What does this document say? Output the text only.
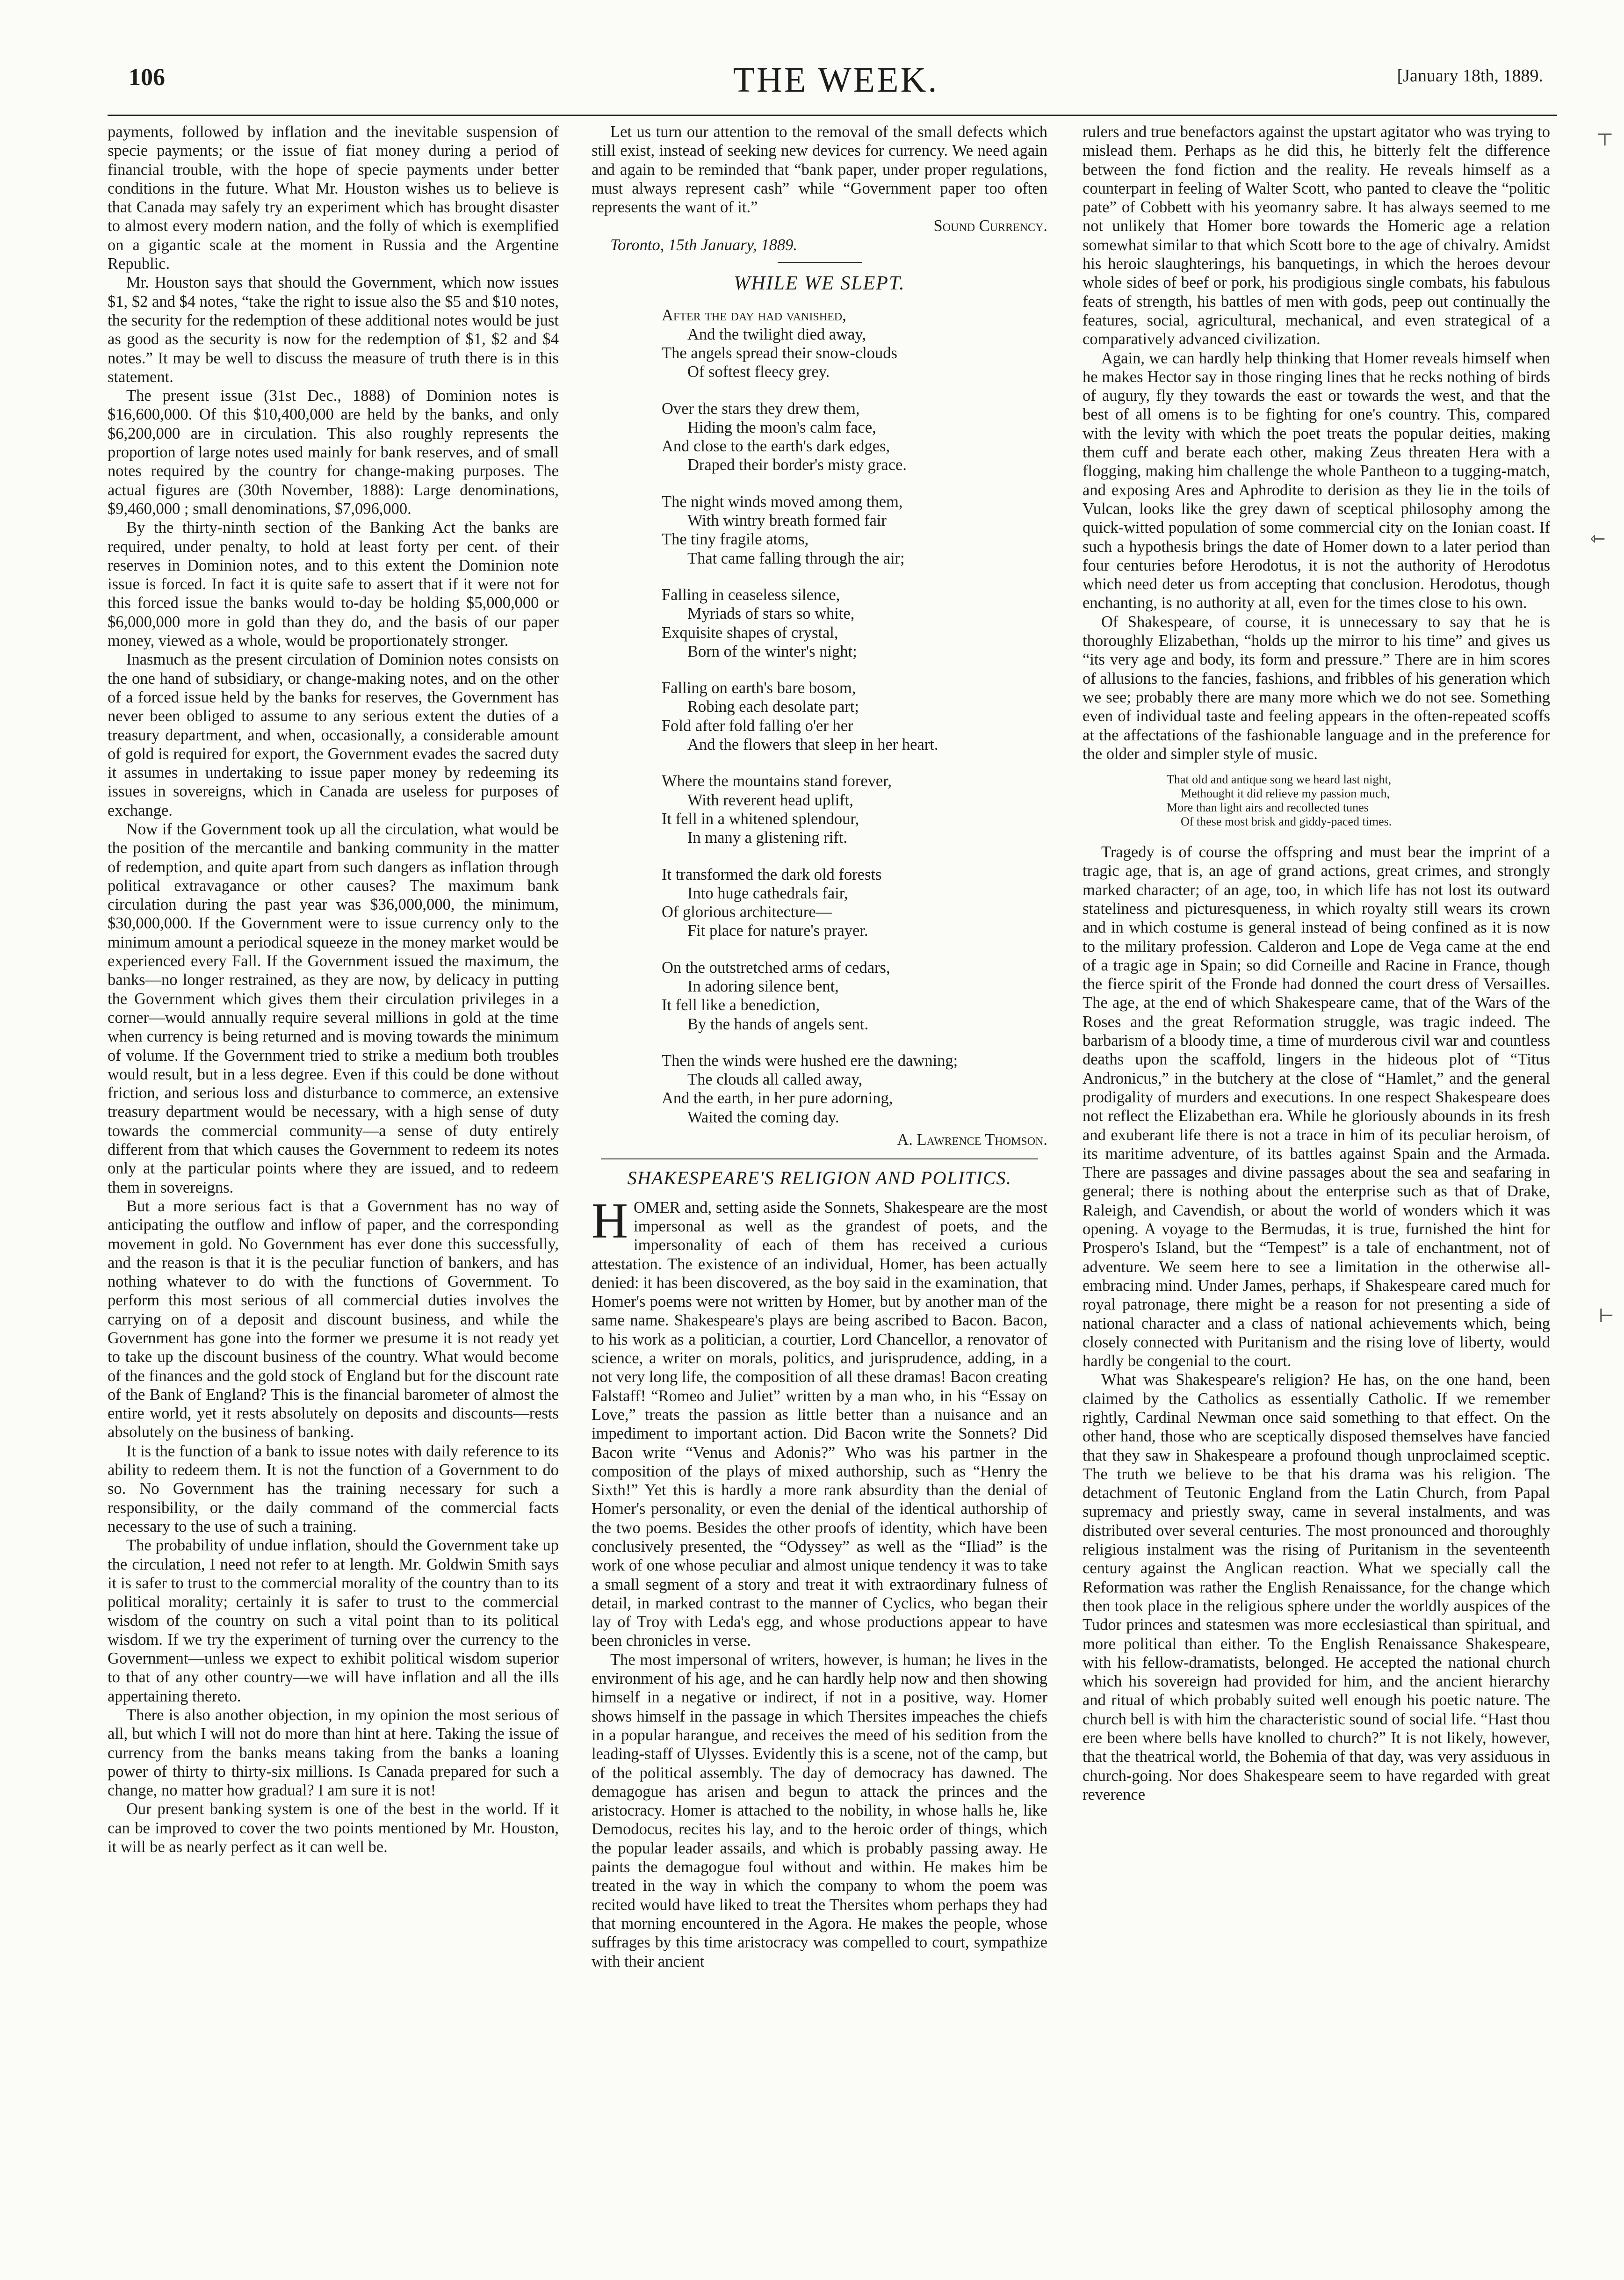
106	THE WEEK.	[January 18th, 1889.
┬
⇽
⊢

payments, followed by inflation and the inevitable suspension of specie payments; or the issue of fiat money during a period of financial trouble, with the hope of specie payments under better conditions in the future. What Mr. Houston wishes us to believe is that Canada may safely try an experiment which has brought disaster to almost every modern nation, and the folly of which is exemplified on a gigantic scale at the moment in Russia and the Argentine Republic.

Mr. Houston says that should the Government, which now issues $1, $2 and $4 notes, “take the right to issue also the $5 and $10 notes, the security for the redemption of these additional notes would be just as good as the security is now for the redemption of $1, $2 and $4 notes.” It may be well to discuss the measure of truth there is in this statement.

The present issue (31st Dec., 1888) of Dominion notes is $16,600,000. Of this $10,400,000 are held by the banks, and only $6,200,000 are in circulation. This also roughly represents the proportion of large notes used mainly for bank reserves, and of small notes required by the country for change-making purposes. The actual figures are (30th November, 1888): Large denominations, $9,460,000 ; small denominations, $7,096,000.

By the thirty-ninth section of the Banking Act the banks are required, under penalty, to hold at least forty per cent. of their reserves in Dominion notes, and to this extent the Dominion note issue is forced. In fact it is quite safe to assert that if it were not for this forced issue the banks would to-day be holding $5,000,000 or $6,000,000 more in gold than they do, and the basis of our paper money, viewed as a whole, would be proportionately stronger.

Inasmuch as the present circulation of Dominion notes consists on the one hand of subsidiary, or change-making notes, and on the other of a forced issue held by the banks for reserves, the Government has never been obliged to assume to any serious extent the duties of a treasury department, and when, occasionally, a considerable amount of gold is required for export, the Government evades the sacred duty it assumes in undertaking to issue paper money by redeeming its issues in sovereigns, which in Canada are useless for purposes of exchange.

Now if the Government took up all the circulation, what would be the position of the mercantile and banking community in the matter of redemption, and quite apart from such dangers as inflation through political extravagance or other causes? The maximum bank circulation during the past year was $36,000,000, the minimum, $30,000,000. If the Government were to issue currency only to the minimum amount a periodical squeeze in the money market would be experienced every Fall. If the Government issued the maximum, the banks—no longer restrained, as they are now, by delicacy in putting the Government which gives them their circulation privileges in a corner—would annually require several millions in gold at the time when currency is being returned and is moving towards the minimum of volume. If the Government tried to strike a medium both troubles would result, but in a less degree. Even if this could be done without friction, and serious loss and disturbance to commerce, an extensive treasury department would be necessary, with a high sense of duty towards the commercial community—a sense of duty entirely different from that which causes the Government to redeem its notes only at the particular points where they are issued, and to redeem them in sovereigns.

But a more serious fact is that a Government has no way of anticipating the outflow and inflow of paper, and the corresponding movement in gold. No Government has ever done this successfully, and the reason is that it is the peculiar function of bankers, and has nothing whatever to do with the functions of Government. To perform this most serious of all commercial duties involves the carrying on of a deposit and discount business, and while the Government has gone into the former we presume it is not ready yet to take up the discount business of the country. What would become of the finances and the gold stock of England but for the discount rate of the Bank of England? This is the financial barometer of almost the entire world, yet it rests absolutely on deposits and discounts—rests absolutely on the business of banking.

It is the function of a bank to issue notes with daily reference to its ability to redeem them. It is not the function of a Government to do so. No Government has the training necessary for such a responsibility, or the daily command of the commercial facts necessary to the use of such a training.

The probability of undue inflation, should the Government take up the circulation, I need not refer to at length. Mr. Goldwin Smith says it is safer to trust to the commercial morality of the country than to its political morality; certainly it is safer to trust to the commercial wisdom of the country on such a vital point than to its political wisdom. If we try the experiment of turning over the currency to the Government—unless we expect to exhibit political wisdom superior to that of any other country—we will have inflation and all the ills appertaining thereto.

There is also another objection, in my opinion the most serious of all, but which I will not do more than hint at here. Taking the issue of currency from the banks means taking from the banks a loaning power of thirty to thirty-six millions. Is Canada prepared for such a change, no matter how gradual? I am sure it is not!

Our present banking system is one of the best in the world. If it can be improved to cover the two points mentioned by Mr. Houston, it will be as nearly perfect as it can well be.

Let us turn our attention to the removal of the small defects which still exist, instead of seeking new devices for currency. We need again and again to be reminded that “bank paper, under proper regulations, must always represent cash” while “Government paper too often represents the want of it.”

Sound Currency.

Toronto, 15th January, 1889.

WHILE WE SLEPT.
After the day had vanished,
And the twilight died away,
The angels spread their snow-clouds
Of softest fleecy grey.
Over the stars they drew them,
Hiding the moon's calm face,
And close to the earth's dark edges,
Draped their border's misty grace.
The night winds moved among them,
With wintry breath formed fair
The tiny fragile atoms,
That came falling through the air;
Falling in ceaseless silence,
Myriads of stars so white,
Exquisite shapes of crystal,
Born of the winter's night;
Falling on earth's bare bosom,
Robing each desolate part;
Fold after fold falling o'er her
And the flowers that sleep in her heart.
Where the mountains stand forever,
With reverent head uplift,
It fell in a whitened splendour,
In many a glistening rift.
It transformed the dark old forests
Into huge cathedrals fair,
Of glorious architecture—
Fit place for nature's prayer.
On the outstretched arms of cedars,
In adoring silence bent,
It fell like a benediction,
By the hands of angels sent.
Then the winds were hushed ere the dawning;
The clouds all called away,
And the earth, in her pure adorning,
Waited the coming day.

A. Lawrence Thomson.

SHAKESPEARE'S RELIGION AND POLITICS.

HOMER and, setting aside the Sonnets, Shakespeare are the most impersonal as well as the grandest of poets, and the impersonality of each of them has received a curious attestation. The existence of an individual, Homer, has been actually denied: it has been discovered, as the boy said in the examination, that Homer's poems were not written by Homer, but by another man of the same name. Shakespeare's plays are being ascribed to Bacon. Bacon, to his work as a politician, a courtier, Lord Chancellor, a renovator of science, a writer on morals, politics, and jurisprudence, adding, in a not very long life, the composition of all these dramas! Bacon creating Falstaff! “Romeo and Juliet” written by a man who, in his “Essay on Love,” treats the passion as little better than a nuisance and an impediment to important action. Did Bacon write the Sonnets? Did Bacon write “Venus and Adonis?” Who was his partner in the composition of the plays of mixed authorship, such as “Henry the Sixth!” Yet this is hardly a more rank absurdity than the denial of Homer's personality, or even the denial of the identical authorship of the two poems. Besides the other proofs of identity, which have been conclusively presented, the “Odyssey” as well as the “Iliad” is the work of one whose peculiar and almost unique tendency it was to take a small segment of a story and treat it with extraordinary fulness of detail, in marked contrast to the manner of Cyclics, who began their lay of Troy with Leda's egg, and whose productions appear to have been chronicles in verse.

The most impersonal of writers, however, is human; he lives in the environment of his age, and he can hardly help now and then showing himself in a negative or indirect, if not in a positive, way. Homer shows himself in the passage in which Thersites impeaches the chiefs in a popular harangue, and receives the meed of his sedition from the leading-staff of Ulysses. Evidently this is a scene, not of the camp, but of the political assembly. The day of democracy has dawned. The demagogue has arisen and begun to attack the princes and the aristocracy. Homer is attached to the nobility, in whose halls he, like Demodocus, recites his lay, and to the heroic order of things, which the popular leader assails, and which is probably passing away. He paints the demagogue foul without and within. He makes him be treated in the way in which the company to whom the poem was recited would have liked to treat the Thersites whom perhaps they had that morning encountered in the Agora. He makes the people, whose suffrages by this time aristocracy was compelled to court, sympathize with their ancient

rulers and true benefactors against the upstart agitator who was trying to mislead them. Perhaps as he did this, he bitterly felt the difference between the fond fiction and the reality. He reveals himself as a counterpart in feeling of Walter Scott, who panted to cleave the “politic pate” of Cobbett with his yeomanry sabre. It has always seemed to me not unlikely that Homer bore towards the Homeric age a relation somewhat similar to that which Scott bore to the age of chivalry. Amidst his heroic slaughterings, his banquetings, in which the heroes devour whole sides of beef or pork, his prodigious single combats, his fabulous feats of strength, his battles of men with gods, peep out continually the features, social, agricultural, mechanical, and even strategical of a comparatively advanced civilization.

Again, we can hardly help thinking that Homer reveals himself when he makes Hector say in those ringing lines that he recks nothing of birds of augury, fly they towards the east or towards the west, and that the best of all omens is to be fighting for one's country. This, compared with the levity with which the poet treats the popular deities, making them cuff and berate each other, making Zeus threaten Hera with a flogging, making him challenge the whole Pantheon to a tugging-match, and exposing Ares and Aphrodite to derision as they lie in the toils of Vulcan, looks like the grey dawn of sceptical philosophy among the quick-witted population of some commercial city on the Ionian coast. If such a hypothesis brings the date of Homer down to a later period than four centuries before Herodotus, it is not the authority of Herodotus which need deter us from accepting that conclusion. Herodotus, though enchanting, is no authority at all, even for the times close to his own.

Of Shakespeare, of course, it is unnecessary to say that he is thoroughly Elizabethan, “holds up the mirror to his time” and gives us “its very age and body, its form and pressure.” There are in him scores of allusions to the fancies, fashions, and fribbles of his generation which we see; probably there are many more which we do not see. Something even of individual taste and feeling appears in the often-repeated scoffs at the affectations of the fashionable language and in the preference for the older and simpler style of music.

That old and antique song we heard last night,
Methought it did relieve my passion much,
More than light airs and recollected tunes
Of these most brisk and giddy-paced times.

Tragedy is of course the offspring and must bear the imprint of a tragic age, that is, an age of grand actions, great crimes, and strongly marked character; of an age, too, in which life has not lost its outward stateliness and picturesqueness, in which royalty still wears its crown and in which costume is general instead of being confined as it is now to the military profession. Calderon and Lope de Vega came at the end of a tragic age in Spain; so did Corneille and Racine in France, though the fierce spirit of the Fronde had donned the court dress of Versailles. The age, at the end of which Shakespeare came, that of the Wars of the Roses and the great Reformation struggle, was tragic indeed. The barbarism of a bloody time, a time of murderous civil war and countless deaths upon the scaffold, lingers in the hideous plot of “Titus Andronicus,” in the butchery at the close of “Hamlet,” and the general prodigality of murders and executions. In one respect Shakespeare does not reflect the Elizabethan era. While he gloriously abounds in its fresh and exuberant life there is not a trace in him of its peculiar heroism, of its maritime adventure, of its battles against Spain and the Armada. There are passages and divine passages about the sea and seafaring in general; there is nothing about the enterprise such as that of Drake, Raleigh, and Cavendish, or about the world of wonders which it was opening. A voyage to the Bermudas, it is true, furnished the hint for Prospero's Island, but the “Tempest” is a tale of enchantment, not of adventure. We seem here to see a limitation in the otherwise all-embracing mind. Under James, perhaps, if Shakespeare cared much for royal patronage, there might be a reason for not presenting a side of national character and a class of national achievements which, being closely connected with Puritanism and the rising love of liberty, would hardly be congenial to the court.

What was Shakespeare's religion? He has, on the one hand, been claimed by the Catholics as essentially Catholic. If we remember rightly, Cardinal Newman once said something to that effect. On the other hand, those who are sceptically disposed themselves have fancied that they saw in Shakespeare a profound though unproclaimed sceptic. The truth we believe to be that his drama was his religion. The detachment of Teutonic England from the Latin Church, from Papal supremacy and priestly sway, came in several instalments, and was distributed over several centuries. The most pronounced and thoroughly religious instalment was the rising of Puritanism in the seventeenth century against the Anglican reaction. What we specially call the Reformation was rather the English Renaissance, for the change which then took place in the religious sphere under the worldly auspices of the Tudor princes and statesmen was more ecclesiastical than spiritual, and more political than either. To the English Renaissance Shakespeare, with his fellow-dramatists, belonged. He accepted the national church which his sovereign had provided for him, and the ancient hierarchy and ritual of which probably suited well enough his poetic nature. The church bell is with him the characteristic sound of social life. “Hast thou ere been where bells have knolled to church?” It is not likely, however, that the theatrical world, the Bohemia of that day, was very assiduous in church-going. Nor does Shakespeare seem to have regarded with great reverence
